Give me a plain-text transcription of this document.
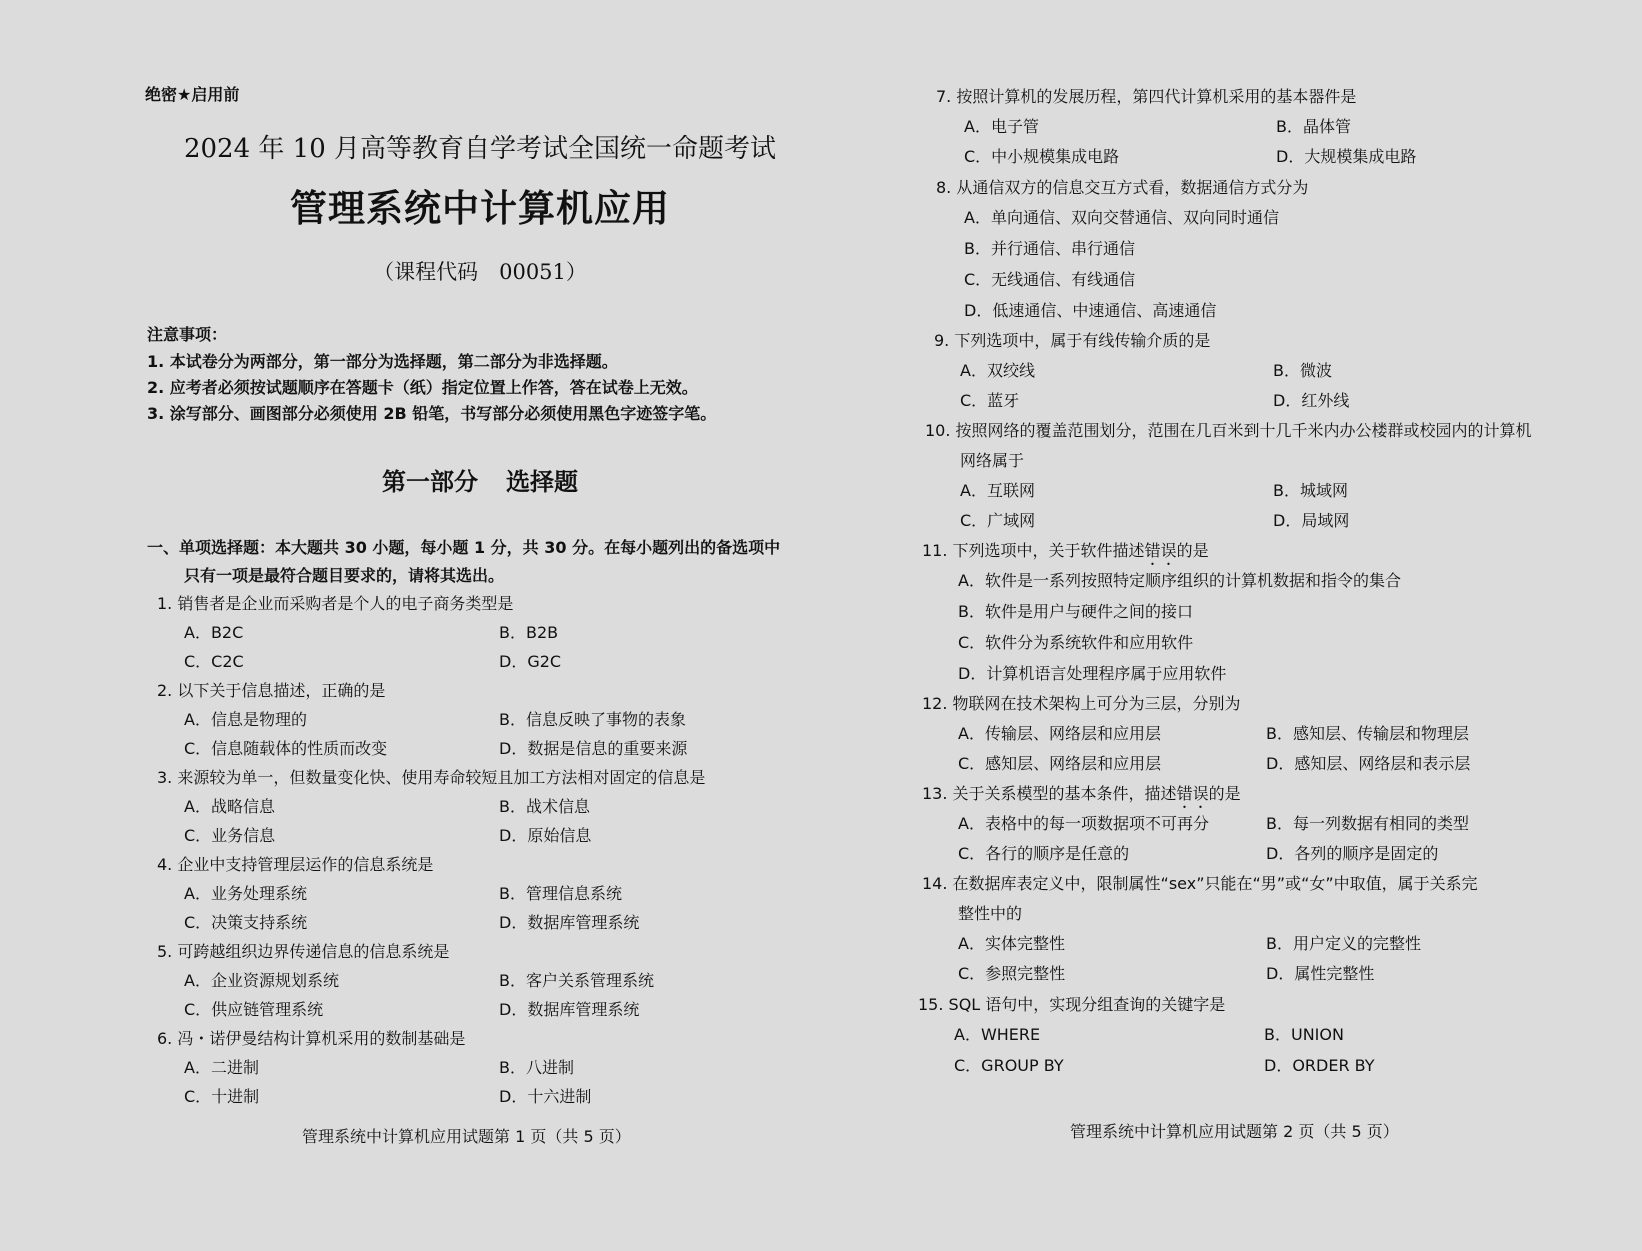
绝密★启用前
2024 年 10 月高等教育自学考试全国统一命题考试
管理系统中计算机应用
（课程代码　00051）
注意事项：
1. 本试卷分为两部分，第一部分为选择题，第二部分为非选择题。
2. 应考者必须按试题顺序在答题卡（纸）指定位置上作答，答在试卷上无效。
3. 涂写部分、画图部分必须使用 2B 铅笔，书写部分必须使用黑色字迹签字笔。
第一部分 选择题
一、单项选择题：本大题共 30 小题，每小题 1 分，共 30 分。在每小题列出的备选项中
只有一项是最符合题目要求的，请将其选出。
1. 销售者是企业而采购者是个人的电子商务类型是
A．B2C	B．B2B
C．C2C	D．G2C
2. 以下关于信息描述，正确的是
A．信息是物理的	B．信息反映了事物的表象
C．信息随载体的性质而改变	D．数据是信息的重要来源
3. 来源较为单一，但数量变化快、使用寿命较短且加工方法相对固定的信息是
A．战略信息	B．战术信息
C．业务信息	D．原始信息
4. 企业中支持管理层运作的信息系统是
A．业务处理系统	B．管理信息系统
C．决策支持系统	D．数据库管理系统
5. 可跨越组织边界传递信息的信息系统是
A．企业资源规划系统	B．客户关系管理系统
C．供应链管理系统	D．数据库管理系统
6. 冯・诺伊曼结构计算机采用的数制基础是
A．二进制	B．八进制
C．十进制	D．十六进制
管理系统中计算机应用试题第 1 页（共 5 页）
7. 按照计算机的发展历程，第四代计算机采用的基本器件是
A．电子管	B．晶体管
C．中小规模集成电路	D．大规模集成电路
8. 从通信双方的信息交互方式看，数据通信方式分为
A．单向通信、双向交替通信、双向同时通信
B．并行通信、串行通信
C．无线通信、有线通信
D．低速通信、中速通信、高速通信
9. 下列选项中，属于有线传输介质的是
A．双绞线	B．微波
C．蓝牙	D．红外线
10. 按照网络的覆盖范围划分，范围在几百米到十几千米内办公楼群或校园内的计算机
网络属于
A．互联网	B．城域网
C．广域网	D．局域网
11. 下列选项中，关于软件描述错误的是
A．软件是一系列按照特定顺序组织的计算机数据和指令的集合
B．软件是用户与硬件之间的接口
C．软件分为系统软件和应用软件
D．计算机语言处理程序属于应用软件
12. 物联网在技术架构上可分为三层，分别为
A．传输层、网络层和应用层	B．感知层、传输层和物理层
C．感知层、网络层和应用层	D．感知层、网络层和表示层
13. 关于关系模型的基本条件，描述错误的是
A．表格中的每一项数据项不可再分	B．每一列数据有相同的类型
C．各行的顺序是任意的	D．各列的顺序是固定的
14. 在数据库表定义中，限制属性“sex”只能在“男”或“女”中取值，属于关系完
整性中的
A．实体完整性	B．用户定义的完整性
C．参照完整性	D．属性完整性
15. SQL 语句中，实现分组查询的关键字是
A．WHERE	B．UNION
C．GROUP BY	D．ORDER BY
管理系统中计算机应用试题第 2 页（共 5 页）
